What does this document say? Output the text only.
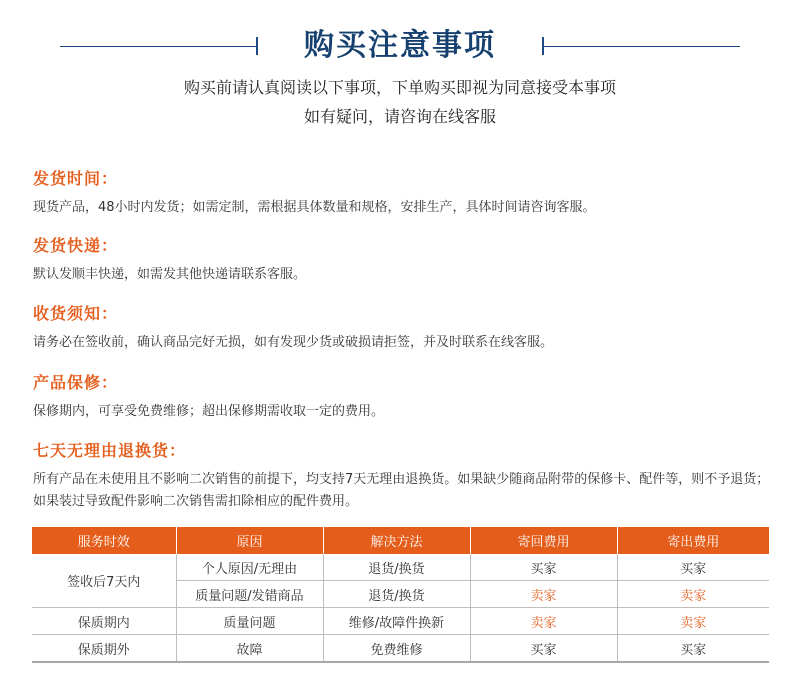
购买注意事项
购买前请认真阅读以下事项，下单购买即视为同意接受本事项
如有疑问，请咨询在线客服

发货时间：

现货产品，48小时内发货；如需定制，需根据具体数量和规格，安排生产，具体时间请咨询客服。

发货快递：

默认发顺丰快递，如需发其他快递请联系客服。

收货须知：

请务必在签收前，确认商品完好无损，如有发现少货或破损请拒签，并及时联系在线客服。

产品保修：

保修期内，可享受免费维修；超出保修期需收取一定的费用。

七天无理由退换货：

所有产品在未使用且不影响二次销售的前提下，均支持7天无理由退换货。如果缺少随商品附带的保修卡、配件等，则不予退货；如果装过导致配件影响二次销售需扣除相应的配件费用。

服务时效	原因	解决方法	寄回费用	寄出费用
签收后7天内	个人原因/无理由	退货/换货	买家	买家
	质量问题/发错商品	退货/换货	卖家	卖家
保质期内	质量问题	维修/故障件换新	卖家	卖家
保质期外	故障	免费维修	买家	买家
